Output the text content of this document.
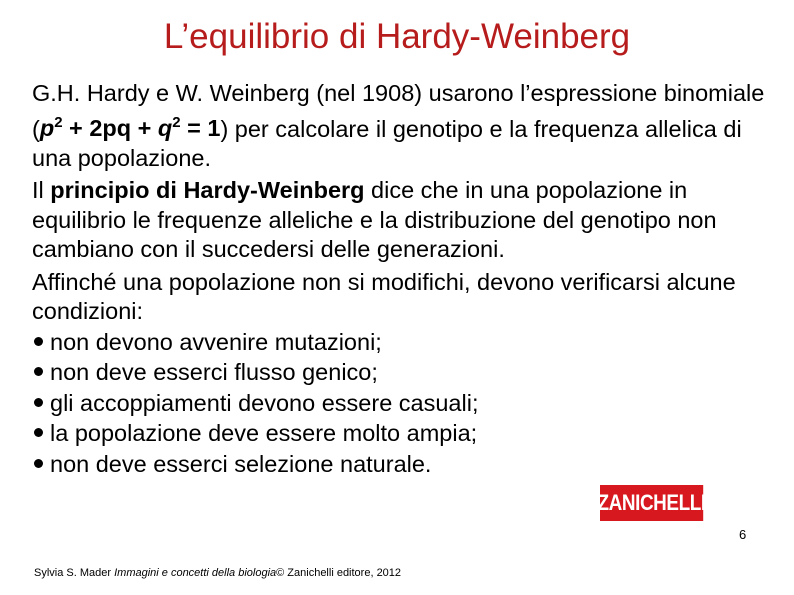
L’equilibrio di Hardy-Weinberg

G.H. Hardy e W. Weinberg (nel 1908) usarono l’espressione binomiale $(p^2 + 2pq + q^2 = 1)$ per calcolare il genotipo e la frequenza allelica di una popolazione.

Il principio di Hardy-Weinberg dice che in una popolazione in equilibrio le frequenze alleliche e la distribuzione del genotipo non cambiano con il succedersi delle generazioni.

Affinché una popolazione non si modifichi, devono verificarsi alcune condizioni:

non devono avvenire mutazioni;
non deve esserci flusso genico;
gli accoppiamenti devono essere casuali;
la popolazione deve essere molto ampia;
non deve esserci selezione naturale.
ZANICHELLI
6
Sylvia S. Mader Immagini e concetti della biologia© Zanichelli editore, 2012
